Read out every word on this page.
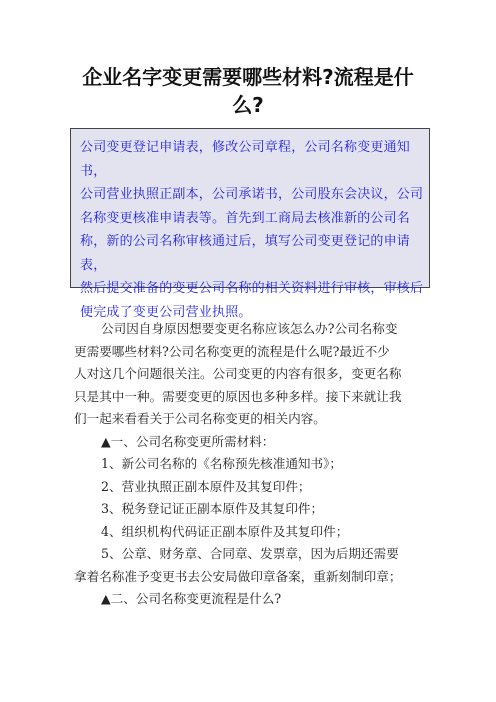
企业名字变更需要哪些材料?流程是什
么?
公司变更登记申请表，修改公司章程，公司名称变更通知书，
公司营业执照正副本，公司承诺书，公司股东会决议，公司
名称变更核准申请表等。首先到工商局去核准新的公司名
称，新的公司名称审核通过后，填写公司变更登记的申请表，
然后提交准备的变更公司名称的相关资料进行审核，审核后
便完成了变更公司营业执照。

公司因自身原因想要变更名称应该怎么办?公司名称变

更需要哪些材料?公司名称变更的流程是什么呢?最近不少

人对这几个问题很关注。公司变更的内容有很多，变更名称

只是其中一种。需要变更的原因也多种多样。接下来就让我

们一起来看看关于公司名称变更的相关内容。

▲一、公司名称变更所需材料：

1、新公司名称的《名称预先核准通知书》；

2、营业执照正副本原件及其复印件；

3、税务登记证正副本原件及其复印件；

4、组织机构代码证正副本原件及其复印件；

5、公章、财务章、合同章、发票章，因为后期还需要

拿着名称准予变更书去公安局做印章备案，重新刻制印章；

▲二、公司名称变更流程是什么?
